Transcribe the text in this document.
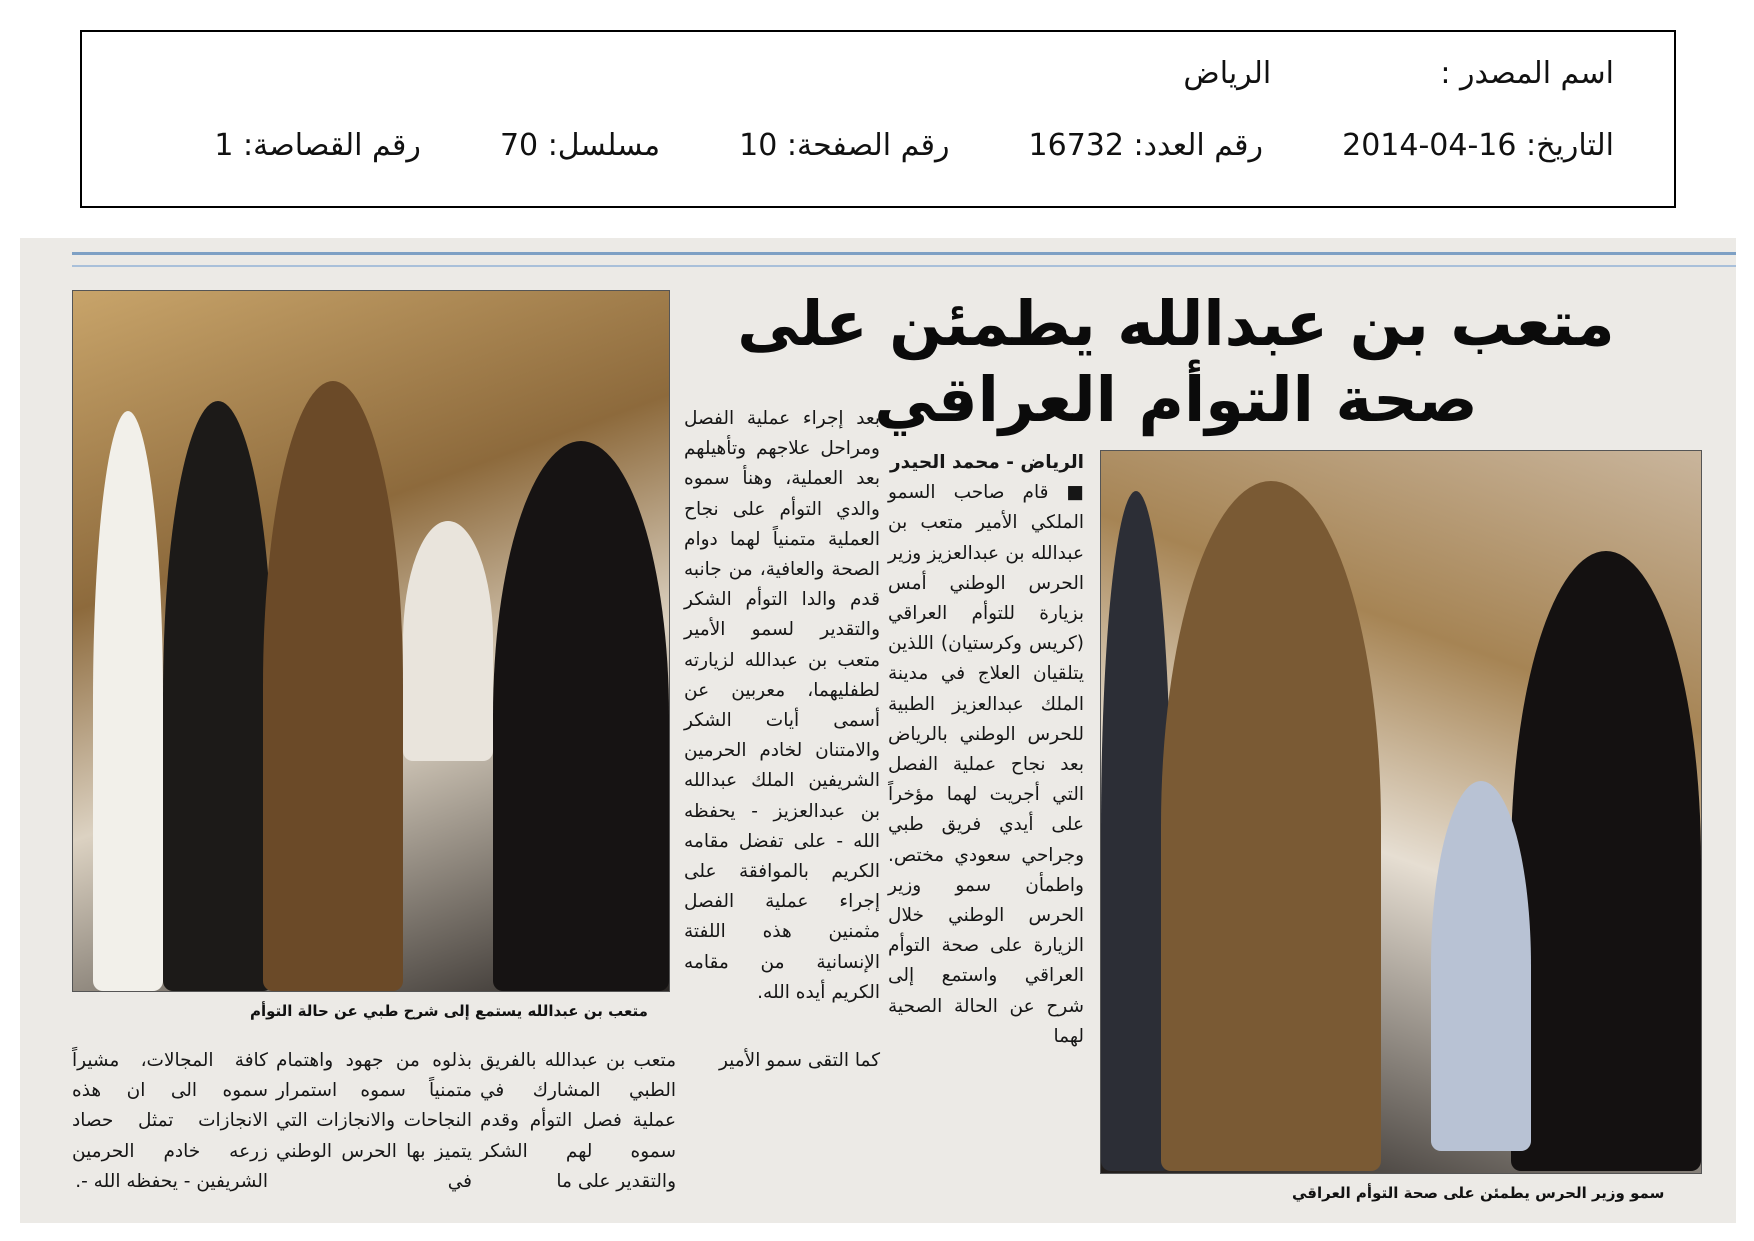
اسم المصدر :  الرياض
التاريخ: 2014-04-16  رقم العدد: 16732  رقم الصفحة: 10  مسلسل: 70  رقم القصاصة: 1
متعب بن عبدالله يطمئن على صحة التوأم العراقي
متعب بن عبدالله يستمع إلى شرح طبي عن حالة التوأم
سمو وزير الحرس يطمئن على صحة التوأم العراقي

الرياض - محمد الحيدر

■ قام صاحب السمو الملكي الأمير متعب بن عبدالله بن عبدالعزيز وزير الحرس الوطني أمس بزيارة للتوأم العراقي (كريس وكرستيان) اللذين يتلقيان العلاج في مدينة الملك عبدالعزيز الطبية للحرس الوطني بالرياض بعد نجاح عملية الفصل التي أجريت لهما مؤخراً على أيدي فريق طبي وجراحي سعودي مختص. واطمأن سمو وزير الحرس الوطني خلال الزيارة على صحة التوأم العراقي واستمع إلى شرح عن الحالة الصحية لهما

بعد إجراء عملية الفصل ومراحل علاجهم وتأهيلهم بعد العملية، وهنأ سموه والدي التوأم على نجاح العملية متمنياً لهما دوام الصحة والعافية، من جانبه قدم والدا التوأم الشكر والتقدير لسمو الأمير متعب بن عبدالله لزيارته لطفليهما، معربين عن أسمى أيات الشكر والامتنان لخادم الحرمين الشريفين الملك عبدالله بن عبدالعزيز - يحفظه الله - على تفضل مقامه الكريم بالموافقة على إجراء عملية الفصل مثمنين هذه اللفتة الإنسانية من مقامه الكريم أيده الله.

كما التقى سمو الأمير

متعب بن عبدالله بالفريق الطبي المشارك في عملية فصل التوأم وقدم سموه لهم الشكر والتقدير على ما

بذلوه من جهود واهتمام متمنياً سموه استمرار النجاحات والانجازات التي يتميز بها الحرس الوطني في

كافة المجالات، مشيراً سموه الى ان هذه الانجازات تمثل حصاد زرعه خادم الحرمين الشريفين - يحفظه الله -.
